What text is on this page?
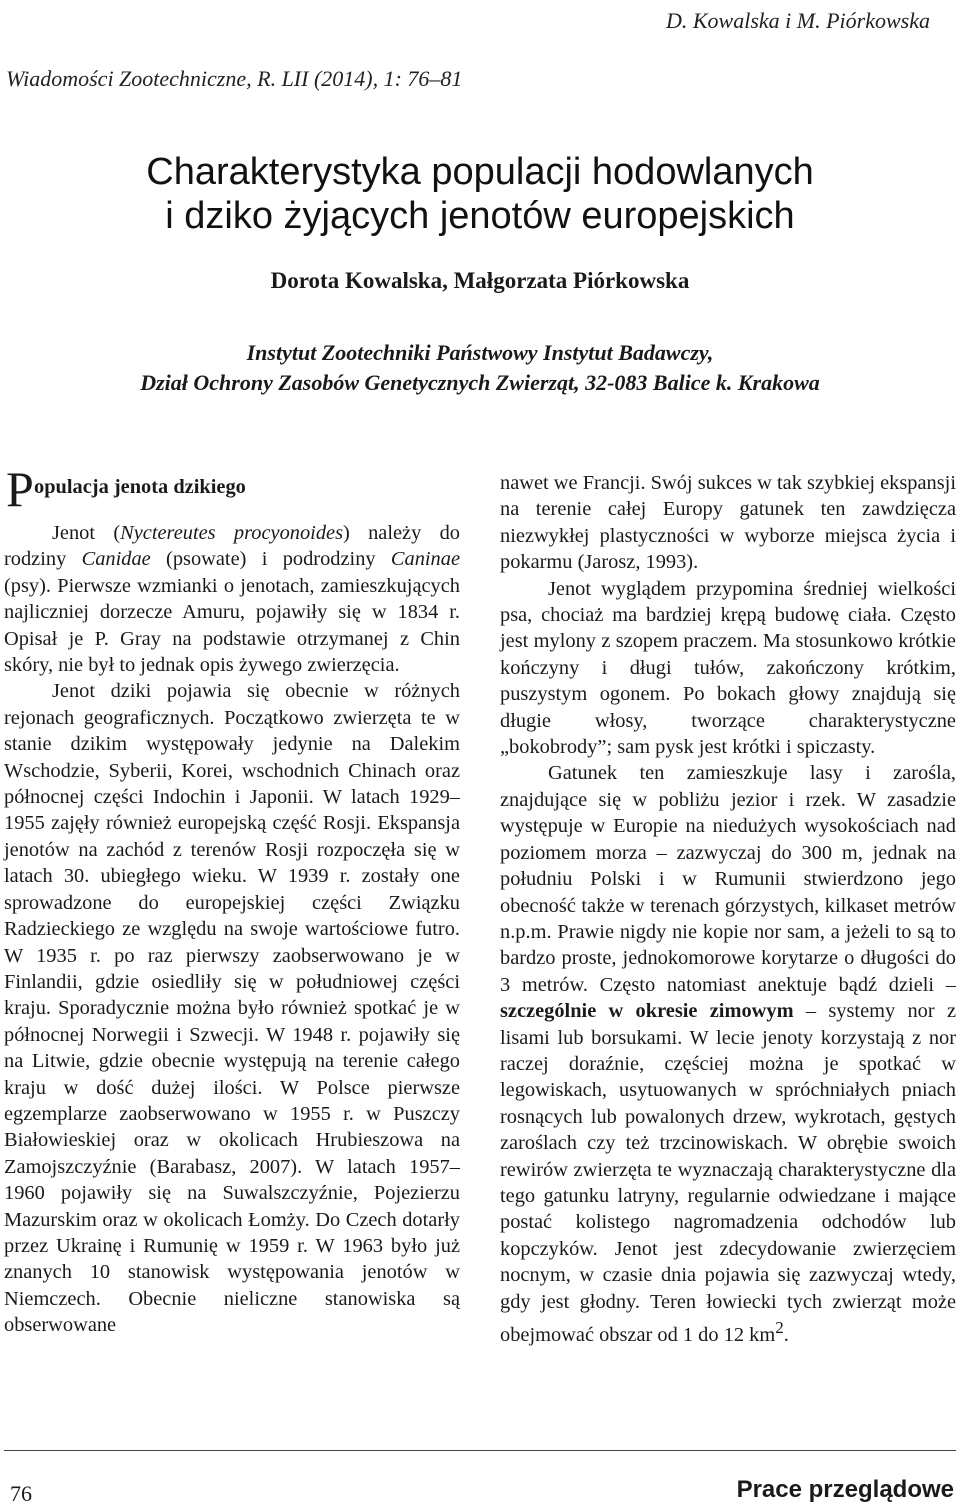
D. Kowalska i M. Piórkowska
Wiadomości Zootechniczne, R. LII (2014), 1: 76–81
Charakterystyka populacji hodowlanych
i dziko żyjących jenotów europejskich
Dorota Kowalska, Małgorzata Piórkowska
Instytut Zootechniki Państwowy Instytut Badawczy,
Dział Ochrony Zasobów Genetycznych Zwierząt, 32-083 Balice k. Krakowa
P opulacja jenota dzikiego

Jenot (Nyctereutes procyonoides) należy do rodziny Canidae (psowate) i podrodziny Caninae (psy). Pierwsze wzmianki o jenotach, zamieszkujących najliczniej dorzecze Amuru, pojawiły się w 1834 r. Opisał je P. Gray na podstawie otrzymanej z Chin skóry, nie był to jednak opis żywego zwierzęcia.

Jenot dziki pojawia się obecnie w różnych rejonach geograficznych. Początkowo zwierzęta te w stanie dzikim występowały jedynie na Dalekim Wschodzie, Syberii, Korei, wschodnich Chinach oraz północnej części Indochin i Japonii. W latach 1929–1955 zajęły również europejską część Rosji. Ekspansja jenotów na zachód z terenów Rosji rozpoczęła się w latach 30. ubiegłego wieku. W 1939 r. zostały one sprowadzone do europejskiej części Związku Radzieckiego ze względu na swoje wartościowe futro. W 1935 r. po raz pierwszy zaobserwowano je w Finlandii, gdzie osiedliły się w południowej części kraju. Sporadycznie można było również spotkać je w północnej Norwegii i Szwecji. W 1948 r. pojawiły się na Litwie, gdzie obecnie występują na terenie całego kraju w dość dużej ilości. W Polsce pierwsze egzemplarze zaobserwowano w 1955 r. w Puszczy Białowieskiej oraz w okolicach Hrubieszowa na Zamojszczyźnie (Barabasz, 2007). W latach 1957–1960 pojawiły się na Suwalszczyźnie, Pojezierzu Mazurskim oraz w okolicach Łomży. Do Czech dotarły przez Ukrainę i Rumunię w 1959 r. W 1963 było już znanych 10 stanowisk występowania jenotów w Niemczech. Obecnie nieliczne stanowiska są obserwowane

nawet we Francji. Swój sukces w tak szybkiej ekspansji na terenie całej Europy gatunek ten zawdzięcza niezwykłej plastyczności w wyborze miejsca życia i pokarmu (Jarosz, 1993).

Jenot wyglądem przypomina średniej wielkości psa, chociaż ma bardziej krępą budowę ciała. Często jest mylony z szopem praczem. Ma stosunkowo krótkie kończyny i długi tułów, zakończony krótkim, puszystym ogonem. Po bokach głowy znajdują się długie włosy, tworzące charakterystyczne „bokobrody”; sam pysk jest krótki i spiczasty.

Gatunek ten zamieszkuje lasy i zarośla, znajdujące się w pobliżu jezior i rzek. W zasadzie występuje w Europie na niedużych wysokościach nad poziomem morza – zazwyczaj do 300 m, jednak na południu Polski i w Rumunii stwierdzono jego obecność także w terenach górzystych, kilkaset metrów n.p.m. Prawie nigdy nie kopie nor sam, a jeżeli to są to bardzo proste, jednokomorowe korytarze o długości do 3 metrów. Często natomiast anektuje bądź dzieli – szczególnie w okresie zimowym – systemy nor z lisami lub borsukami. W lecie jenoty korzystają z nor raczej doraźnie, częściej można je spotkać w legowiskach, usytuowanych w spróchniałych pniach rosnących lub powalonych drzew, wykrotach, gęstych zaroślach czy też trzcinowiskach. W obrębie swoich rewirów zwierzęta te wyznaczają charakterystyczne dla tego gatunku latryny, regularnie odwiedzane i mające postać kolistego nagromadzenia odchodów lub kopczyków. Jenot jest zdecydowanie zwierzęciem nocnym, w czasie dnia pojawia się zazwyczaj wtedy, gdy jest głodny. Teren łowiecki tych zwierząt może obejmować obszar od 1 do 12 $km^2$.

76	Prace przeglądowe
